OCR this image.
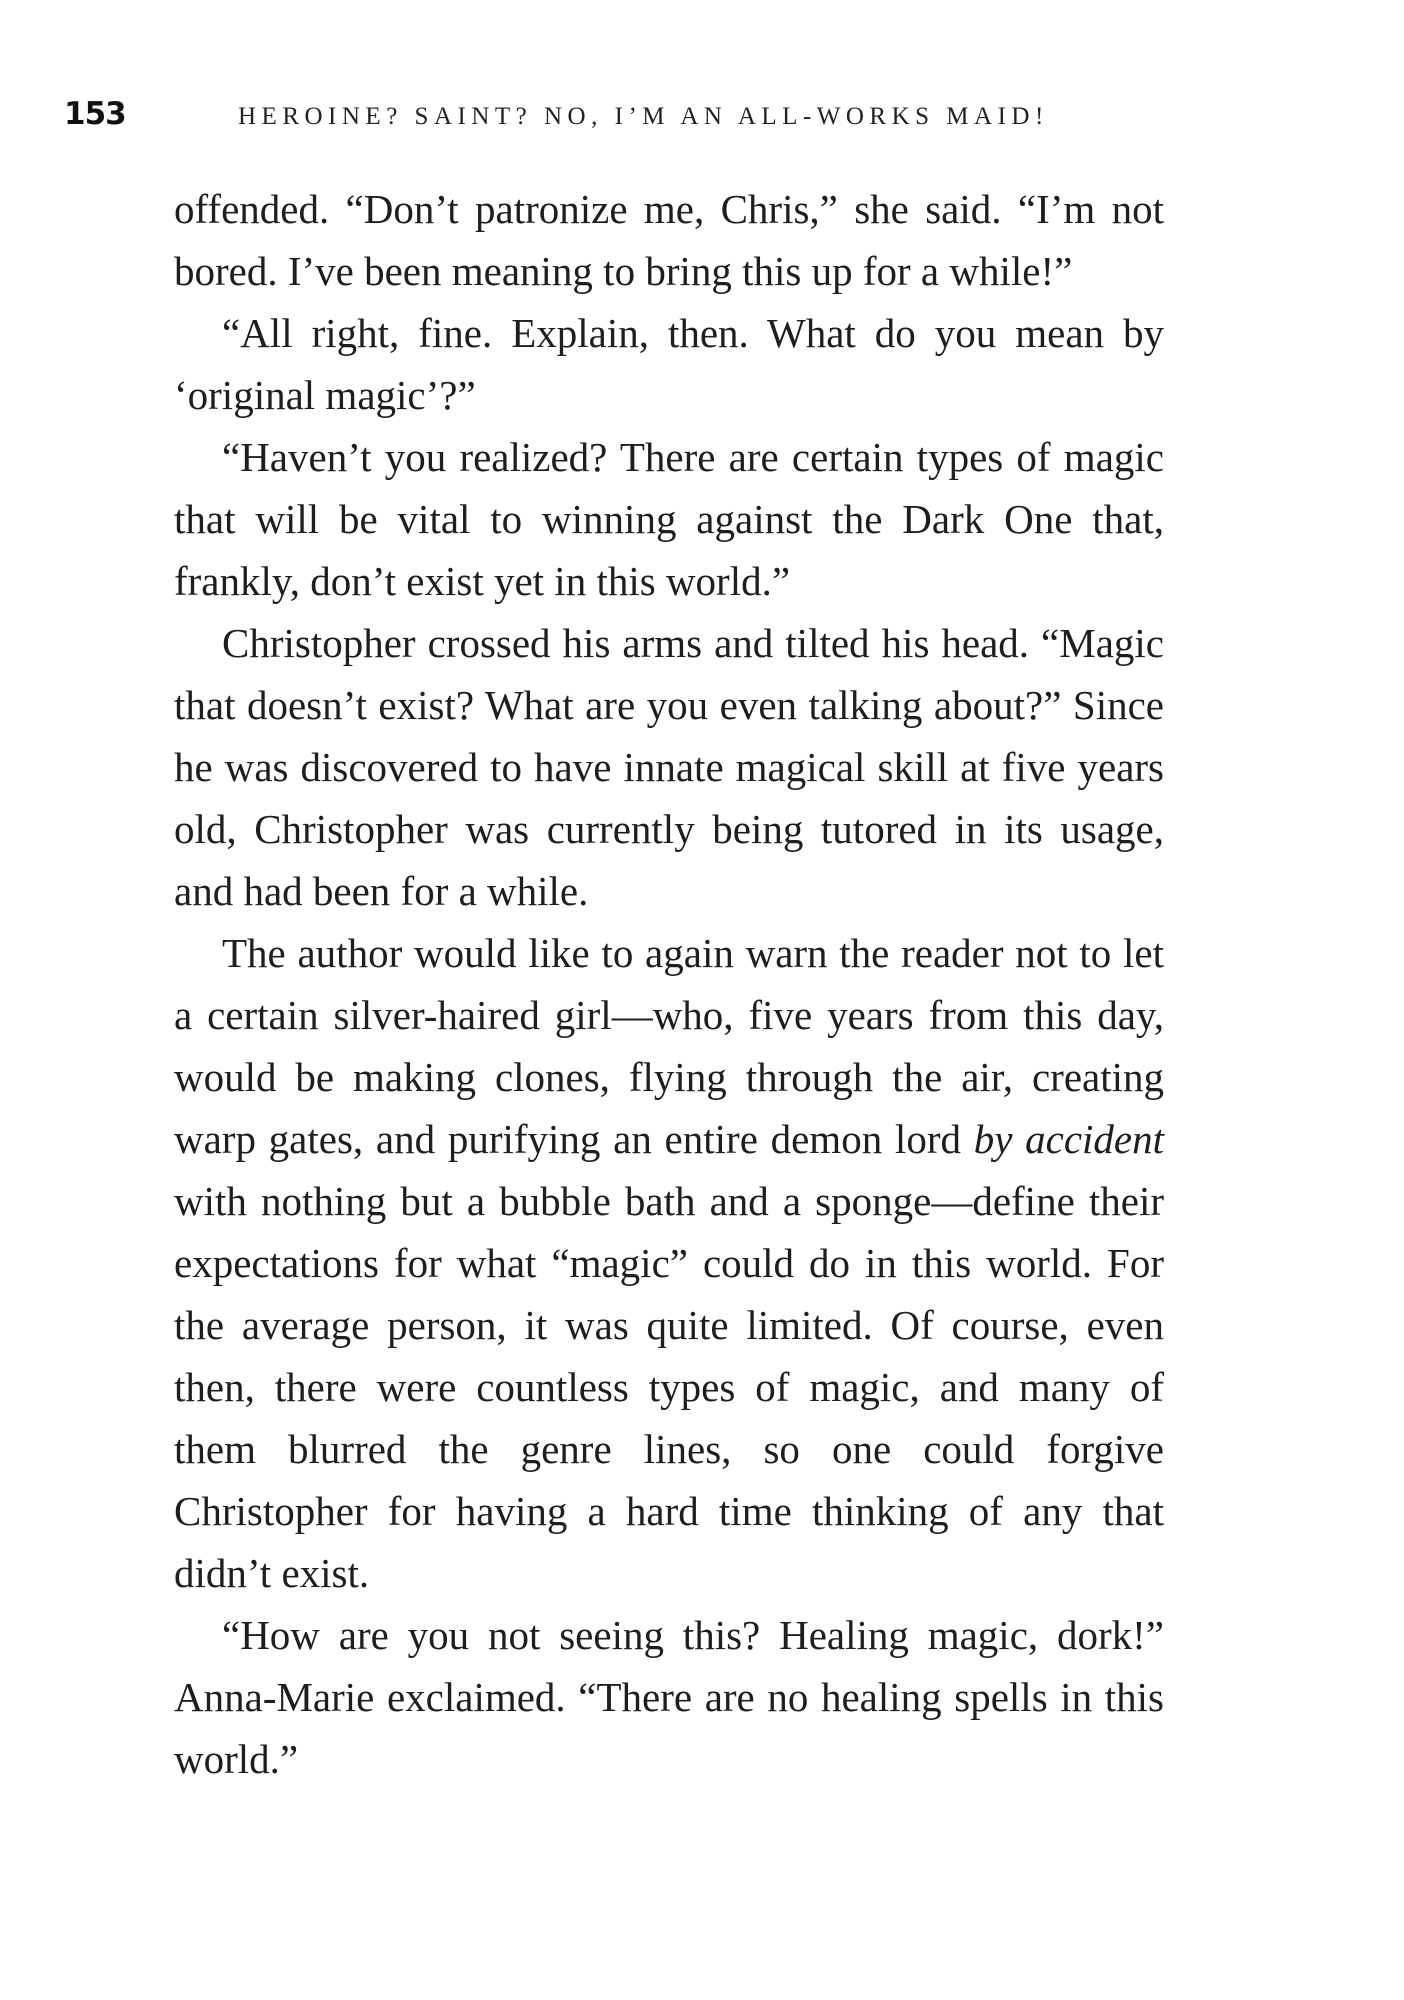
153	HEROINE? SAINT? NO, I’M AN ALL-WORKS MAID!

offended. “Don’t patronize me, Chris,” she said. “I’m not bored. I’ve been meaning to bring this up for a while!”

“All right, fine. Explain, then. What do you mean by ‘original magic’?”

“Haven’t you realized? There are certain types of magic that will be vital to winning against the Dark One that, frankly, don’t exist yet in this world.”

Christopher crossed his arms and tilted his head. “Magic that doesn’t exist? What are you even talking about?” Since he was discovered to have innate magical skill at five years old, Christopher was currently being tutored in its usage, and had been for a while.

The author would like to again warn the reader not to let a certain silver-haired girl—who, five years from this day, would be making clones, flying through the air, creating warp gates, and purifying an entire demon lord by accident with nothing but a bubble bath and a sponge—define their expectations for what “magic” could do in this world. For the average person, it was quite limited. Of course, even then, there were countless types of magic, and many of them blurred the genre lines, so one could forgive Christopher for having a hard time thinking of any that didn’t exist.

“How are you not seeing this? Healing magic, dork!” Anna-Marie exclaimed. “There are no healing spells in this world.”
